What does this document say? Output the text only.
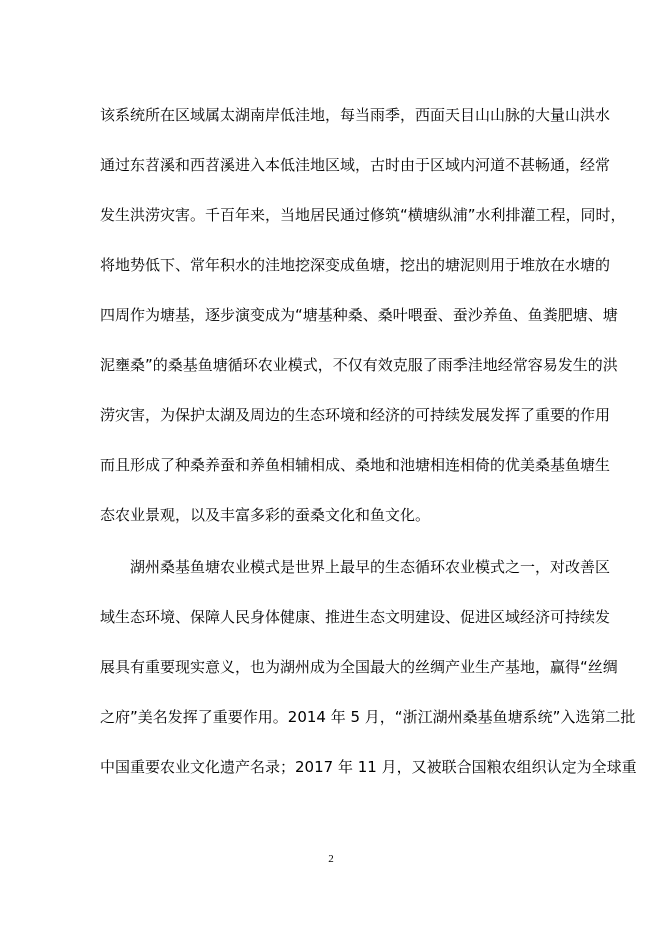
该系统所在区域属太湖南岸低洼地，每当雨季，西面天目山山脉的大量山洪水
通过东苕溪和西苕溪进入本低洼地区域，古时由于区域内河道不甚畅通，经常
发生洪涝灾害。千百年来，当地居民通过修筑“横塘纵浦”水利排灌工程，同时，
将地势低下、常年积水的洼地挖深变成鱼塘，挖出的塘泥则用于堆放在水塘的
四周作为塘基，逐步演变成为“塘基种桑、桑叶喂蚕、蚕沙养鱼、鱼粪肥塘、塘
泥壅桑”的桑基鱼塘循环农业模式，不仅有效克服了雨季洼地经常容易发生的洪
涝灾害，为保护太湖及周边的生态环境和经济的可持续发展发挥了重要的作用
而且形成了种桑养蚕和养鱼相辅相成、桑地和池塘相连相倚的优美桑基鱼塘生
态农业景观，以及丰富多彩的蚕桑文化和鱼文化。
湖州桑基鱼塘农业模式是世界上最早的生态循环农业模式之一，对改善区
域生态环境、保障人民身体健康、推进生态文明建设、促进区域经济可持续发
展具有重要现实意义，也为湖州成为全国最大的丝绸产业生产基地，赢得“丝绸
之府”美名发挥了重要作用。2014 年 5 月，“浙江湖州桑基鱼塘系统”入选第二批
中国重要农业文化遗产名录；2017 年 11 月，又被联合国粮农组织认定为全球重
2
